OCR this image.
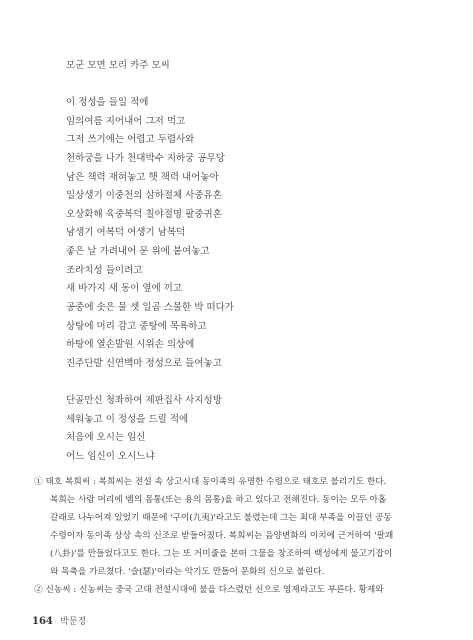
모군 모면 모리 카주 모씨
이 정성을 들일 적에
임의여름 지어내어 그저 먹고
그저 쓰기에는 어렵고 두렵사와
천하궁을 나가 천대박수 지하궁 공무당
남은 책력 재혀놓고 햇 책력 내어놓아
일상생기 이중천의 삼하절체 사중유혼
오상화해 육중복덕 칠야절명 팔중귀혼
남생기 여복덕 여생기 남복덕
좋은 날 가려내어 문 위에 붙여놓고
조라치성 들이려고
새 바가지 새 동이 옆에 끼고
공중에 솟은 물 셋 일곱 스물한 박 떠다가
상탕에 머리 감고 중탕에 목욕하고
하탕에 열손발원 시위손 의상에
진주단발 신연백마 정성으로 들여놓고
단골만신 청좌하여 제판집사 사지성방
세워놓고 이 정성을 드릴 적에
처음에 오시는 임신
어느 임신이 오시느냐
① 태호 복희씨 : 복희씨는 전설 속 상고시대 동이족의 유명한 수령으로 태호로 불리기도 한다.
복희는 사람 머리에 뱀의 몸통(또는 용의 몸통)을 하고 있다고 전해진다. 동이는 모두 아홉
갈래로 나누어져 있었기 때문에 '구이(九夷)'라고도 불렸는데 그는 최대 부족을 이끌던 공동
수령이자 동이족 상상 속의 신조로 받들어졌다. 복희씨는 음양변화의 이치에 근거하여 '팔괘
(八卦)'를 만들었다고도 한다. 그는 또 거미줄을 본떠 그물을 창조하여 백성에게 물고기잡이
와 목축을 가르쳤다. '슬(瑟)'이라는 악기도 만들어 문화의 신으로 불린다.
② 신농씨 : 신농씨는 중국 고대 전설시대에 불을 다스렸던 신으로 염제라고도 부른다. 황제와
164 박문정
